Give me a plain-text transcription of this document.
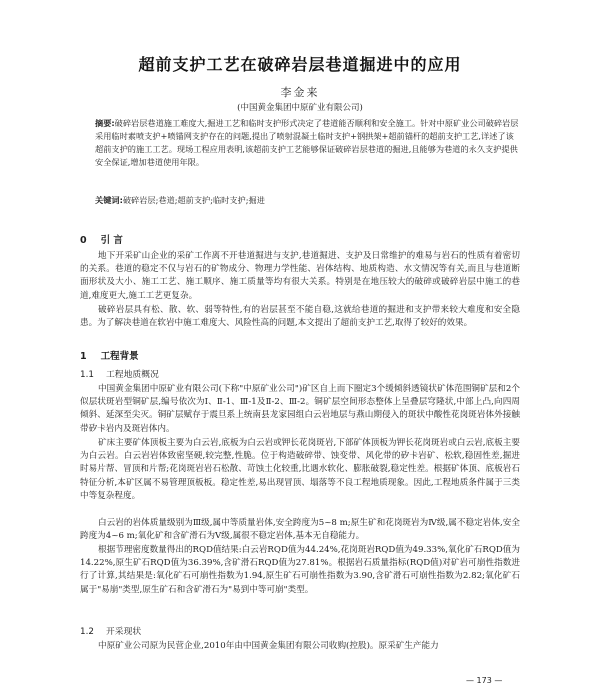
超前支护工艺在破碎岩层巷道掘进中的应用
李金来
(中国黄金集团中原矿业有限公司)
摘要:破碎岩层巷道施工难度大,掘进工艺和临时支护形式决定了巷道能否顺利和安全施工。针对中原矿业公司破碎岩层采用临时素喷支护+喷锚网支护存在的问题,提出了喷射混凝土临时支护+钢拱架+超前锚杆的超前支护工艺,详述了该超前支护的施工工艺。现场工程应用表明,该超前支护工艺能够保证破碎岩层巷道的掘进,且能够为巷道的永久支护提供安全保证,增加巷道使用年限。
关键词:破碎岩层;巷道;超前支护;临时支护;掘进
0 引 言
地下开采矿山企业的采矿工作离不开巷道掘进与支护,巷道掘进、支护及日常维护的难易与岩石的性质有着密切的关系。巷道的稳定不仅与岩石的矿物成分、物理力学性能、岩体结构、地质构造、水文情况等有关,而且与巷道断面形状及大小、施工工艺、施工顺序、施工质量等均有很大关系。特别是在地压较大的破碎或破碎岩层中施工的巷道,难度更大,施工工艺更复杂。
破碎岩层具有松、散、软、弱等特性,有的岩层甚至不能自稳,这就给巷道的掘进和支护带来较大难度和安全隐患。为了解决巷道在软岩中施工难度大、风险性高的问题,本文提出了超前支护工艺,取得了较好的效果。
1 工程背景
1.1 工程地质概况
中国黄金集团中原矿业有限公司(下称"中原矿业公司")矿区自上而下圈定3个缓倾斜透镜状矿体范围铜矿层和2个似层状斑岩型铜矿层,编号依次为Ⅰ、Ⅱ-1、Ⅲ-1及Ⅱ-2、Ⅲ-2。铜矿层空间形态整体上呈叠层穹隆状,中部上凸,向四周倾斜、延深至尖灭。铜矿层赋存于震旦系上统南县龙家园组白云岩地层与燕山期侵入的斑状中酸性花岗斑岩体外接触带矽卡岩内及斑岩体内。
矿床主要矿体顶板主要为白云岩,底板为白云岩或钾长花岗斑岩,下部矿体顶板为钾长花岗斑岩或白云岩,底板主要为白云岩。白云岩岩体致密坚硬,较完整,性脆。位于构造破碎带、蚀变带、风化带的矽卡岩矿、松软,稳固性差,掘进时易片帮、冒顶和片帮;花岗斑岩岩石松散、苛蚀土化较重,比遇水软化、膨胀破裂,稳定性差。根据矿体顶、底板岩石特征分析,本矿区属不易管理顶板板。稳定性差,易出现冒顶、塌落等不良工程地质现象。因此,工程地质条件属于三类中等复杂程度。
白云岩的岩体质量级别为Ⅲ级,属中等质量岩体,安全跨度为5~8 m;原生矿和花岗斑岩为Ⅳ级,属不稳定岩体,安全跨度为4~6 m;氧化矿和含矿滑石为Ⅴ级,属很不稳定岩体,基本无自稳能力。
根据节理密度数量得出的RQD值结果:白云岩RQD值为44.24%,花岗斑岩RQD值为49.33%,氧化矿石RQD值为14.22%,原生矿石RQD值为36.39%,含矿滑石RQD值为27.81%。根据岩石质量指标(RQD值)对矿岩可崩性指数进行了计算,其结果是:氧化矿石可崩性指数为1.94,原生矿石可崩性指数为3.90,含矿滑石可崩性指数为2.82;氧化矿石属于"易崩"类型,原生矿石和含矿滑石为"易到中等可崩"类型。
1.2 开采现状
中原矿业公司原为民营企业,2010年由中国黄金集团有限公司收购(控股)。原采矿生产能力
— 173 —
